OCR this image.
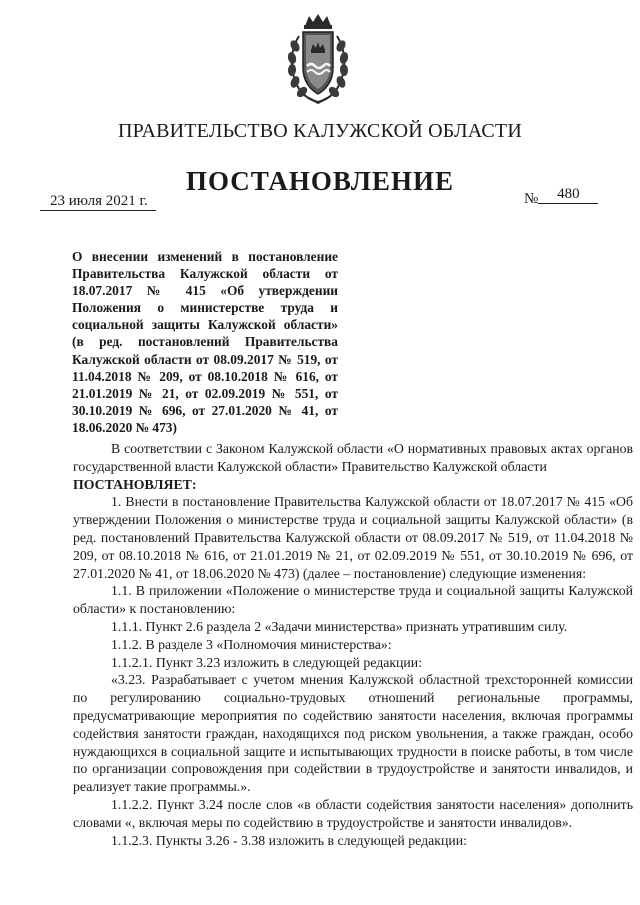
ПРАВИТЕЛЬСТВО КАЛУЖСКОЙ ОБЛАСТИ
ПОСТАНОВЛЕНИЕ
23 июля 2021 г.	№ 480
О внесении изменений в постановление Правительства Калужской области от 18.07.2017 № 415 «Об утверждении Положения о министерстве труда и социальной защиты Калужской области» (в ред. постановлений Правительства Калужской области от 08.09.2017 № 519, от 11.04.2018 № 209, от 08.10.2018 № 616, от 21.01.2019 № 21, от 02.09.2019 № 551, от 30.10.2019 № 696, от 27.01.2020 № 41, от 18.06.2020 № 473)

В соответствии с Законом Калужской области «О нормативных правовых актах органов государственной власти Калужской области» Правительство Калужской области

ПОСТАНОВЛЯЕТ:

1. Внести в постановление Правительства Калужской области от 18.07.2017 № 415 «Об утверждении Положения о министерстве труда и социальной защиты Калужской области» (в ред. постановлений Правительства Калужской области от 08.09.2017 № 519, от 11.04.2018 № 209, от 08.10.2018 № 616, от 21.01.2019 № 21, от 02.09.2019 № 551, от 30.10.2019 № 696, от 27.01.2020 № 41, от 18.06.2020 № 473) (далее – постановление) следующие изменения:

1.1. В приложении «Положение о министерстве труда и социальной защиты Калужской области» к постановлению:

1.1.1. Пункт 2.6 раздела 2 «Задачи министерства» признать утратившим силу.

1.1.2. В разделе 3 «Полномочия министерства»:

1.1.2.1. Пункт 3.23 изложить в следующей редакции:

«3.23. Разрабатывает с учетом мнения Калужской областной трехсторонней комиссии по регулированию социально-трудовых отношений региональные программы, предусматривающие мероприятия по содействию занятости населения, включая программы содействия занятости граждан, находящихся под риском увольнения, а также граждан, особо нуждающихся в социальной защите и испытывающих трудности в поиске работы, в том числе по организации сопровождения при содействии в трудоустройстве и занятости инвалидов, и реализует такие программы.».

1.1.2.2. Пункт 3.24 после слов «в области содействия занятости населения» дополнить словами «, включая меры по содействию в трудоустройстве и занятости инвалидов».

1.1.2.3. Пункты 3.26 - 3.38 изложить в следующей редакции:
